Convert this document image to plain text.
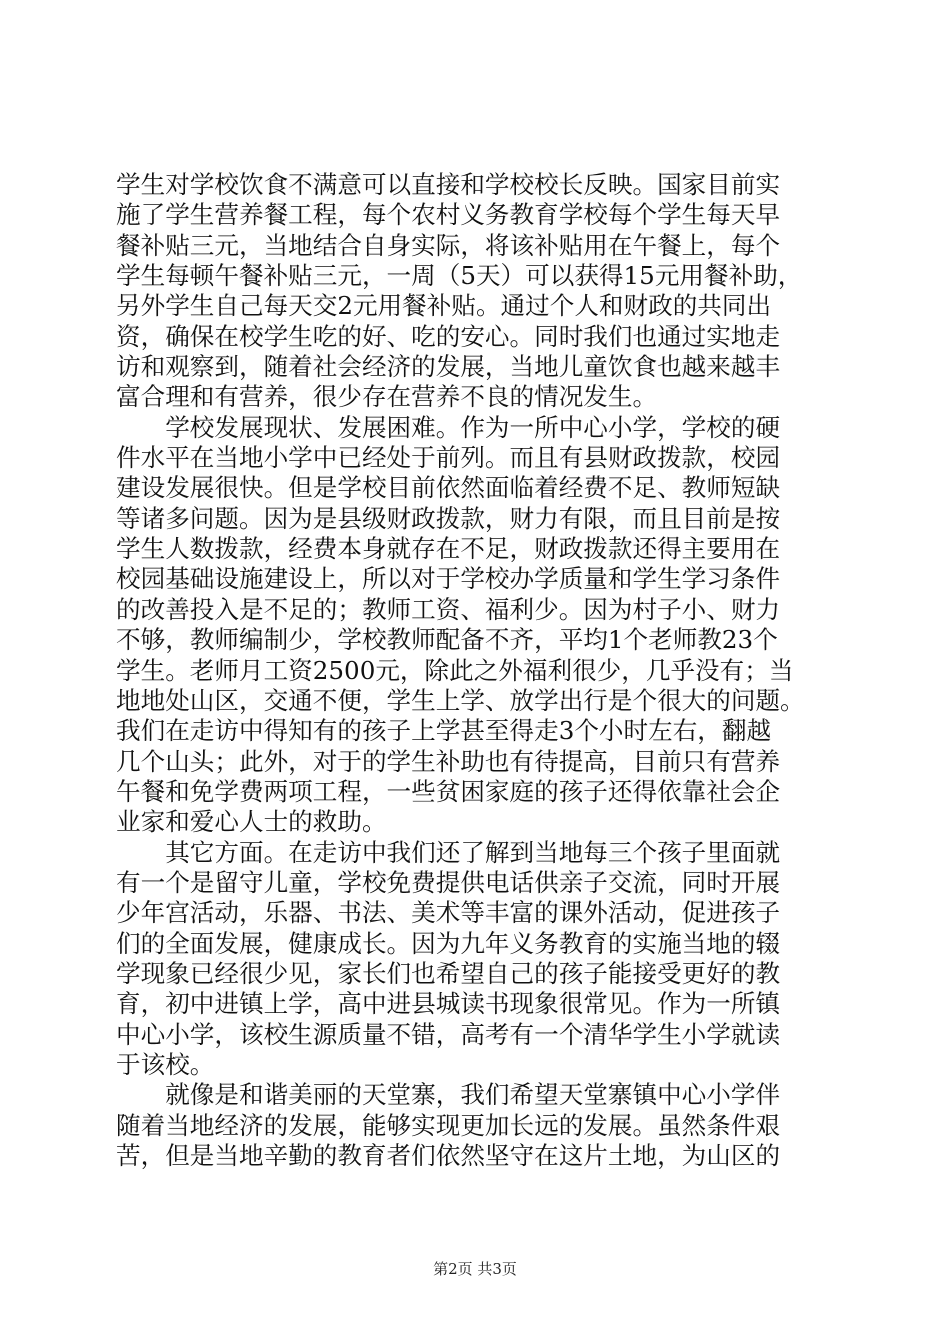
学生对学校饮食不满意可以直接和学校校长反映。国家目前实
施了学生营养餐工程，每个农村义务教育学校每个学生每天早
餐补贴三元，当地结合自身实际，将该补贴用在午餐上，每个
学生每顿午餐补贴三元，一周（5天）可以获得15元用餐补助，
另外学生自己每天交2元用餐补贴。通过个人和财政的共同出
资，确保在校学生吃的好、吃的安心。同时我们也通过实地走
访和观察到，随着社会经济的发展，当地儿童饮食也越来越丰
富合理和有营养，很少存在营养不良的情况发生。
　　学校发展现状、发展困难。作为一所中心小学，学校的硬
件水平在当地小学中已经处于前列。而且有县财政拨款，校园
建设发展很快。但是学校目前依然面临着经费不足、教师短缺
等诸多问题。因为是县级财政拨款，财力有限，而且目前是按
学生人数拨款，经费本身就存在不足，财政拨款还得主要用在
校园基础设施建设上，所以对于学校办学质量和学生学习条件
的改善投入是不足的；教师工资、福利少。因为村子小、财力
不够，教师编制少，学校教师配备不齐，平均1个老师教23个
学生。老师月工资2500元，除此之外福利很少，几乎没有；当
地地处山区，交通不便，学生上学、放学出行是个很大的问题。
我们在走访中得知有的孩子上学甚至得走3个小时左右，翻越
几个山头；此外，对于的学生补助也有待提高，目前只有营养
午餐和免学费两项工程，一些贫困家庭的孩子还得依靠社会企
业家和爱心人士的救助。
　　其它方面。在走访中我们还了解到当地每三个孩子里面就
有一个是留守儿童，学校免费提供电话供亲子交流，同时开展
少年宫活动，乐器、书法、美术等丰富的课外活动，促进孩子
们的全面发展，健康成长。因为九年义务教育的实施当地的辍
学现象已经很少见，家长们也希望自己的孩子能接受更好的教
育，初中进镇上学，高中进县城读书现象很常见。作为一所镇
中心小学，该校生源质量不错，高考有一个清华学生小学就读
于该校。
　　就像是和谐美丽的天堂寨，我们希望天堂寨镇中心小学伴
随着当地经济的发展，能够实现更加长远的发展。虽然条件艰
苦，但是当地辛勤的教育者们依然坚守在这片土地，为山区的
第2页 共3页
